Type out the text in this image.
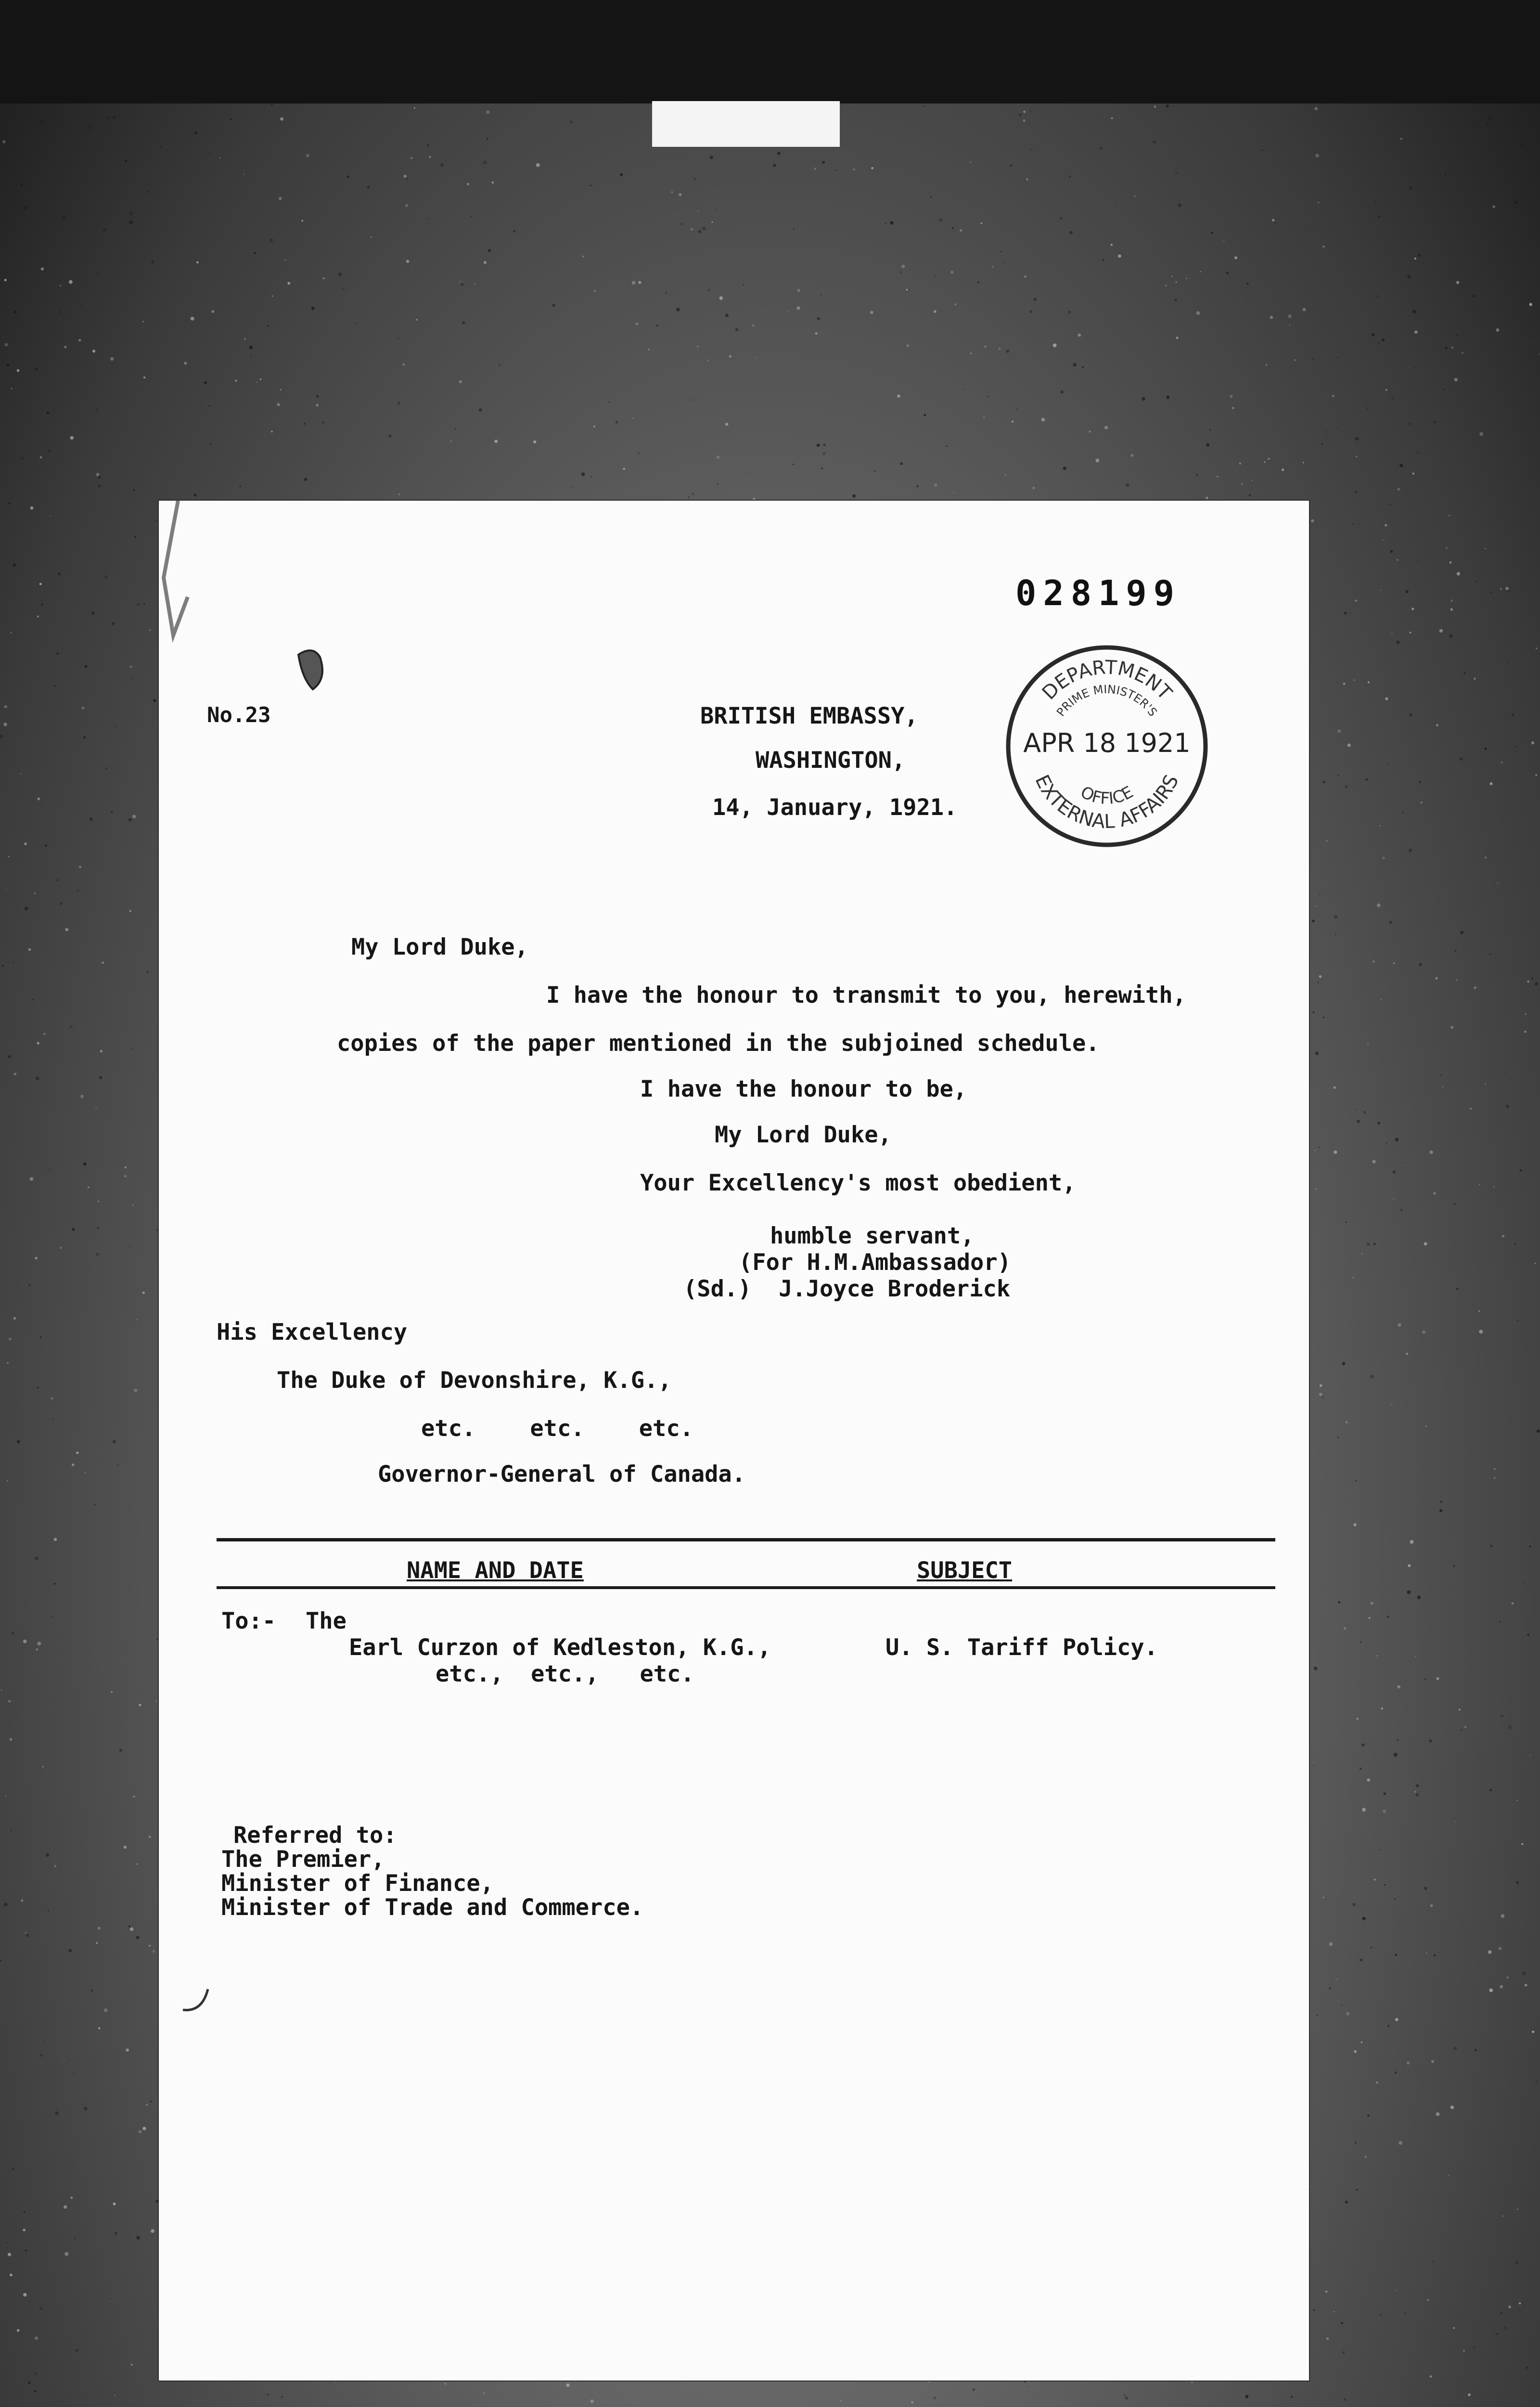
028199
No.23	BRITISH EMBASSY,
WASHINGTON,
14, January, 1921.
My Lord Duke,
I have the honour to transmit to you, herewith,
copies of the paper mentioned in the subjoined schedule.
I have the honour to be,
My Lord Duke,
Your Excellency's most obedient,
humble servant,
(For H.M.Ambassador)
(Sd.)  J.Joyce Broderick
His Excellency
The Duke of Devonshire, K.G.,
etc.    etc.    etc.
Governor-General of Canada.
NAME AND DATE	SUBJECT
To:- The
Earl Curzon of Kedleston, K.G.,
etc.,  etc.,   etc.
U. S. Tariff Policy.
Referred to:
The Premier,
Minister of Finance,
Minister of Trade and Commerce.
DEPARTMENT
PRIME MINISTER'S
APR 18 1921
OFFICE
EXTERNAL AFFAIRS
